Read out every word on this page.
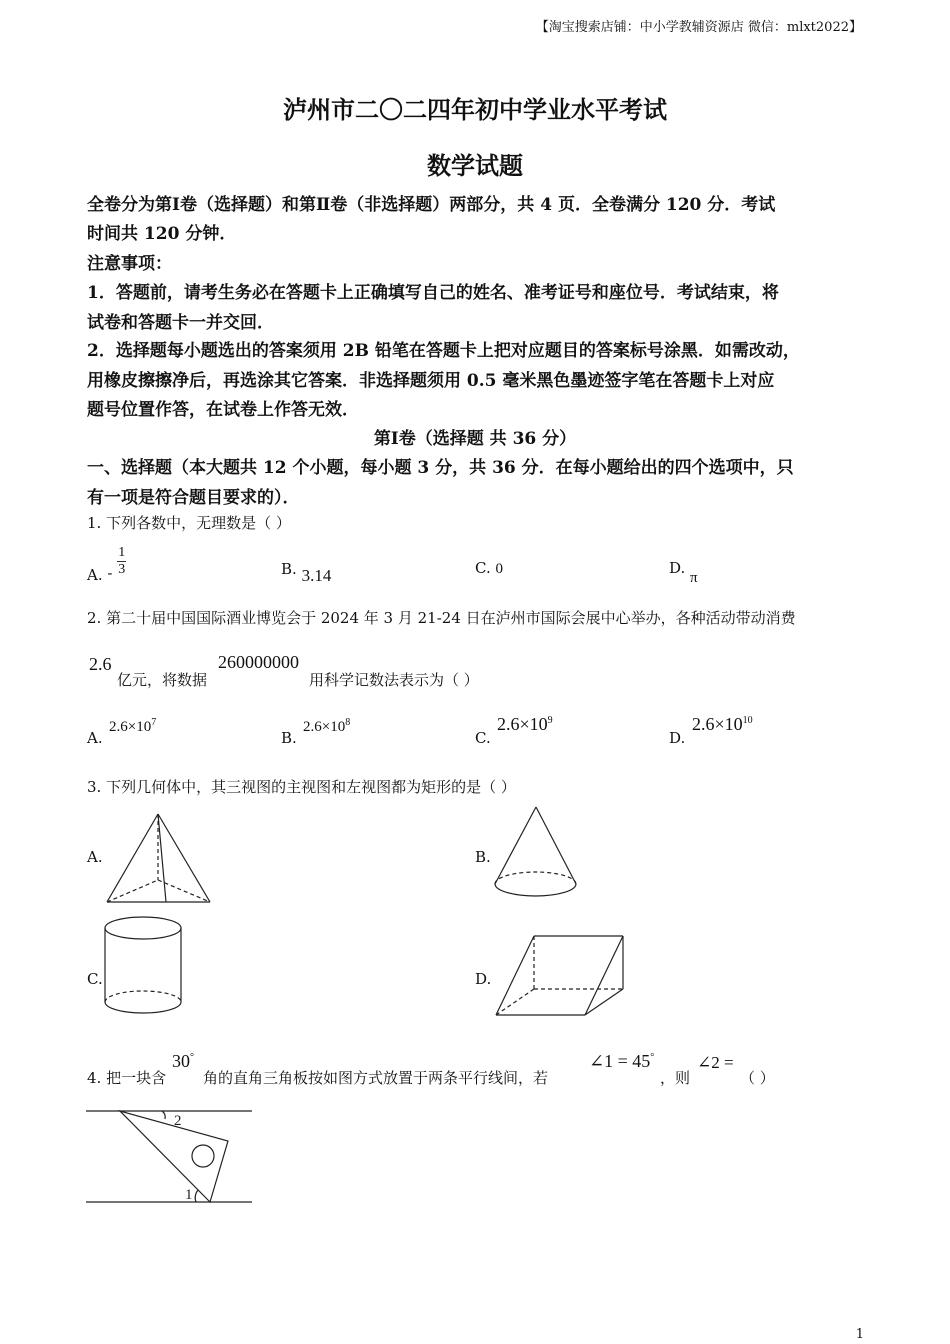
【淘宝搜索店铺：中小学教辅资源店 微信：mlxt2022】
泸州市二〇二四年初中学业水平考试
数学试题
全卷分为第Ⅰ卷（选择题）和第Ⅱ卷（非选择题）两部分，共 4 页．全卷满分 120 分．考试
时间共 120 分钟．
注意事项：
1．答题前，请考生务必在答题卡上正确填写自己的姓名、准考证号和座位号．考试结束，将
试卷和答题卡一并交回．
2．选择题每小题选出的答案须用 2B 铅笔在答题卡上把对应题目的答案标号涂黑．如需改动，
用橡皮擦擦净后，再选涂其它答案．非选择题须用 0.5 毫米黑色墨迹签字笔在答题卡上对应
题号位置作答，在试卷上作答无效．
第Ⅰ卷（选择题 共 36 分）
一、选择题（本大题共 12 个小题，每小题 3 分，共 36 分．在每小题给出的四个选项中，只
有一项是符合题目要求的）．
1. 下列各数中，无理数是（ ）
A. - $\frac{1}{3}$	B. 3.14	C. 0	D. π
2. 第二十届中国国际酒业博览会于 2024 年 3 月 21-24 日在泸州市国际会展中心举办，各种活动带动消费
2.6
亿元，将数据
260000000
用科学记数法表示为（ ）
A.
$2.6\times 10^7$
B.
$2.6\times 10^8$
C.
$2.6\times 10^9$
D.
$2.6\times 10^{10}$
3. 下列几何体中，其三视图的主视图和左视图都为矩形的是（ ）
A.	B.
C.	D.
4. 把一块含
30°
角的直角三角板按如图方式放置于两条平行线间，若
∠1 = 45°
，则
∠2 =
（ ）
2
1
1
